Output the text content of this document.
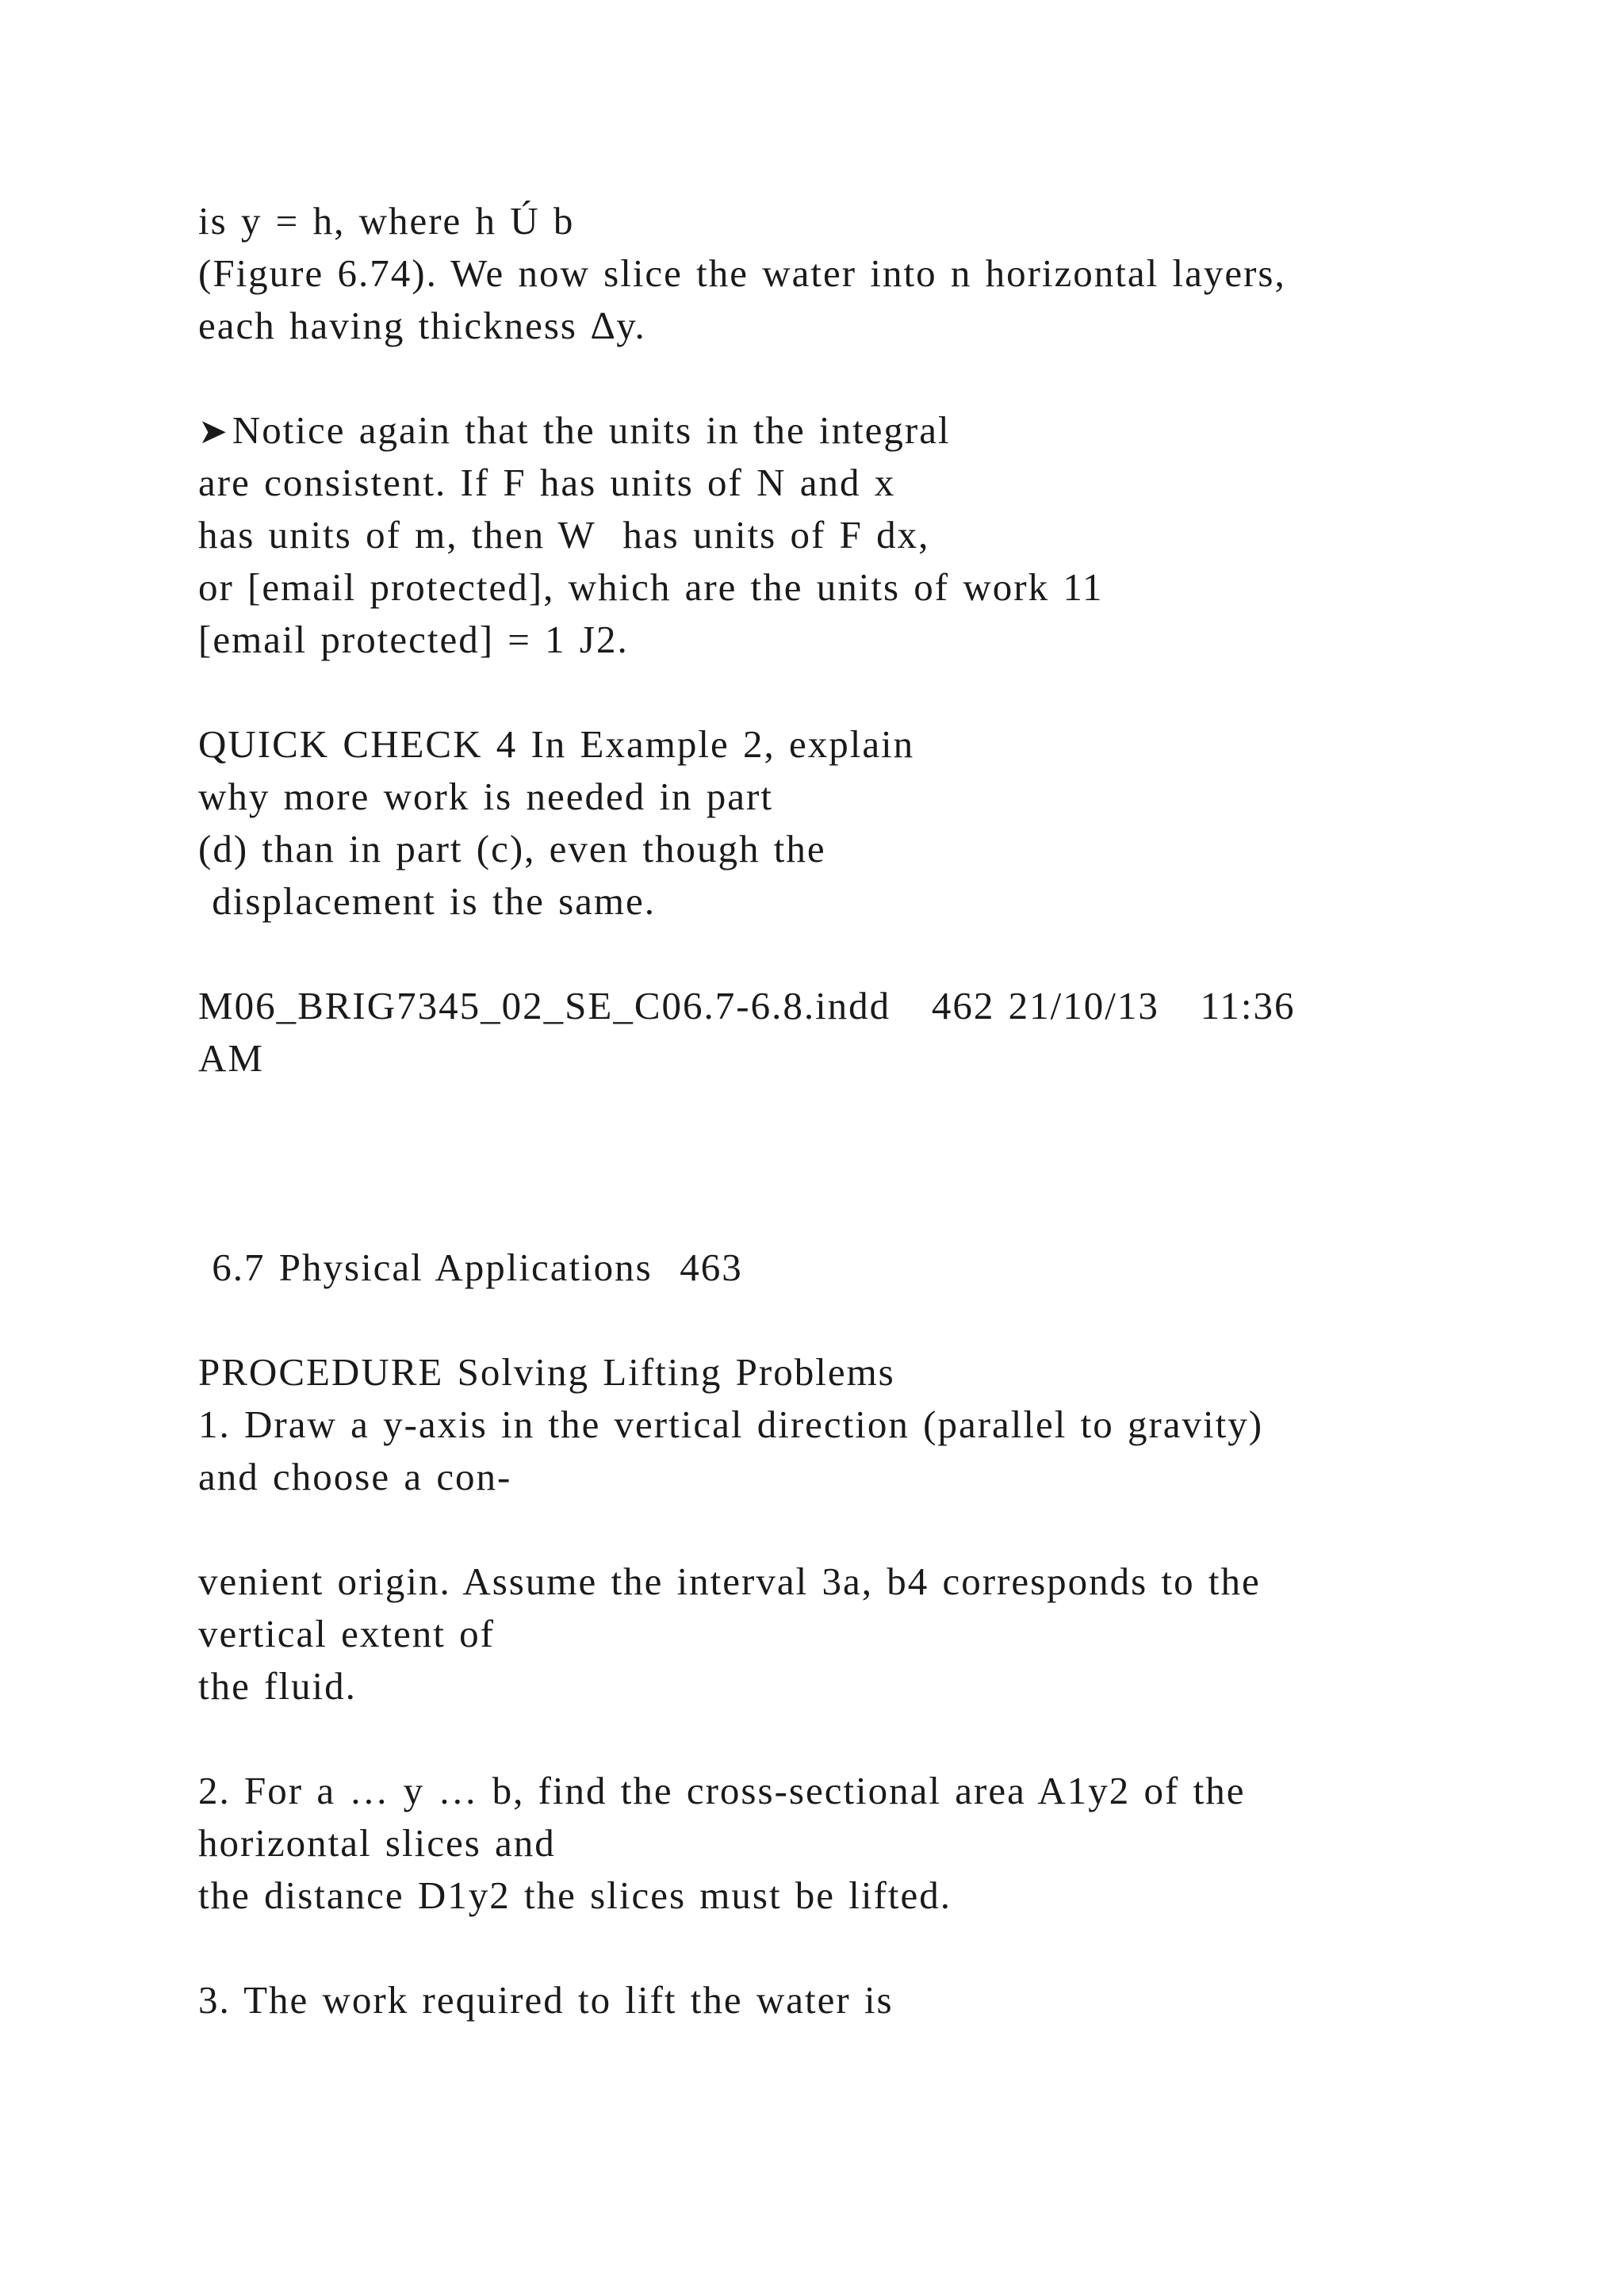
is y = h, where h Ú b
(Figure 6.74). We now slice the water into n horizontal layers,
each having thickness ∆y.
➤Notice again that the units in the integral
are consistent. If F has units of N and x
has units of m, then W  has units of F dx,
or [email protected], which are the units of work 11
[email protected] = 1 J2.
QUICK CHECK 4 In Example 2, explain
why more work is needed in part
(d) than in part (c), even though the
displacement is the same.
M06_BRIG7345_02_SE_C06.7-6.8.indd   462 21/10/13   11:36
AM
6.7 Physical Applications  463
PROCEDURE Solving Lifting Problems
1. Draw a y-axis in the vertical direction (parallel to gravity)
and choose a con-
venient origin. Assume the interval 3a, b4 corresponds to the
vertical extent of
the fluid.
2. For a … y … b, find the cross-sectional area A1y2 of the
horizontal slices and
the distance D1y2 the slices must be lifted.
3. The work required to lift the water is
